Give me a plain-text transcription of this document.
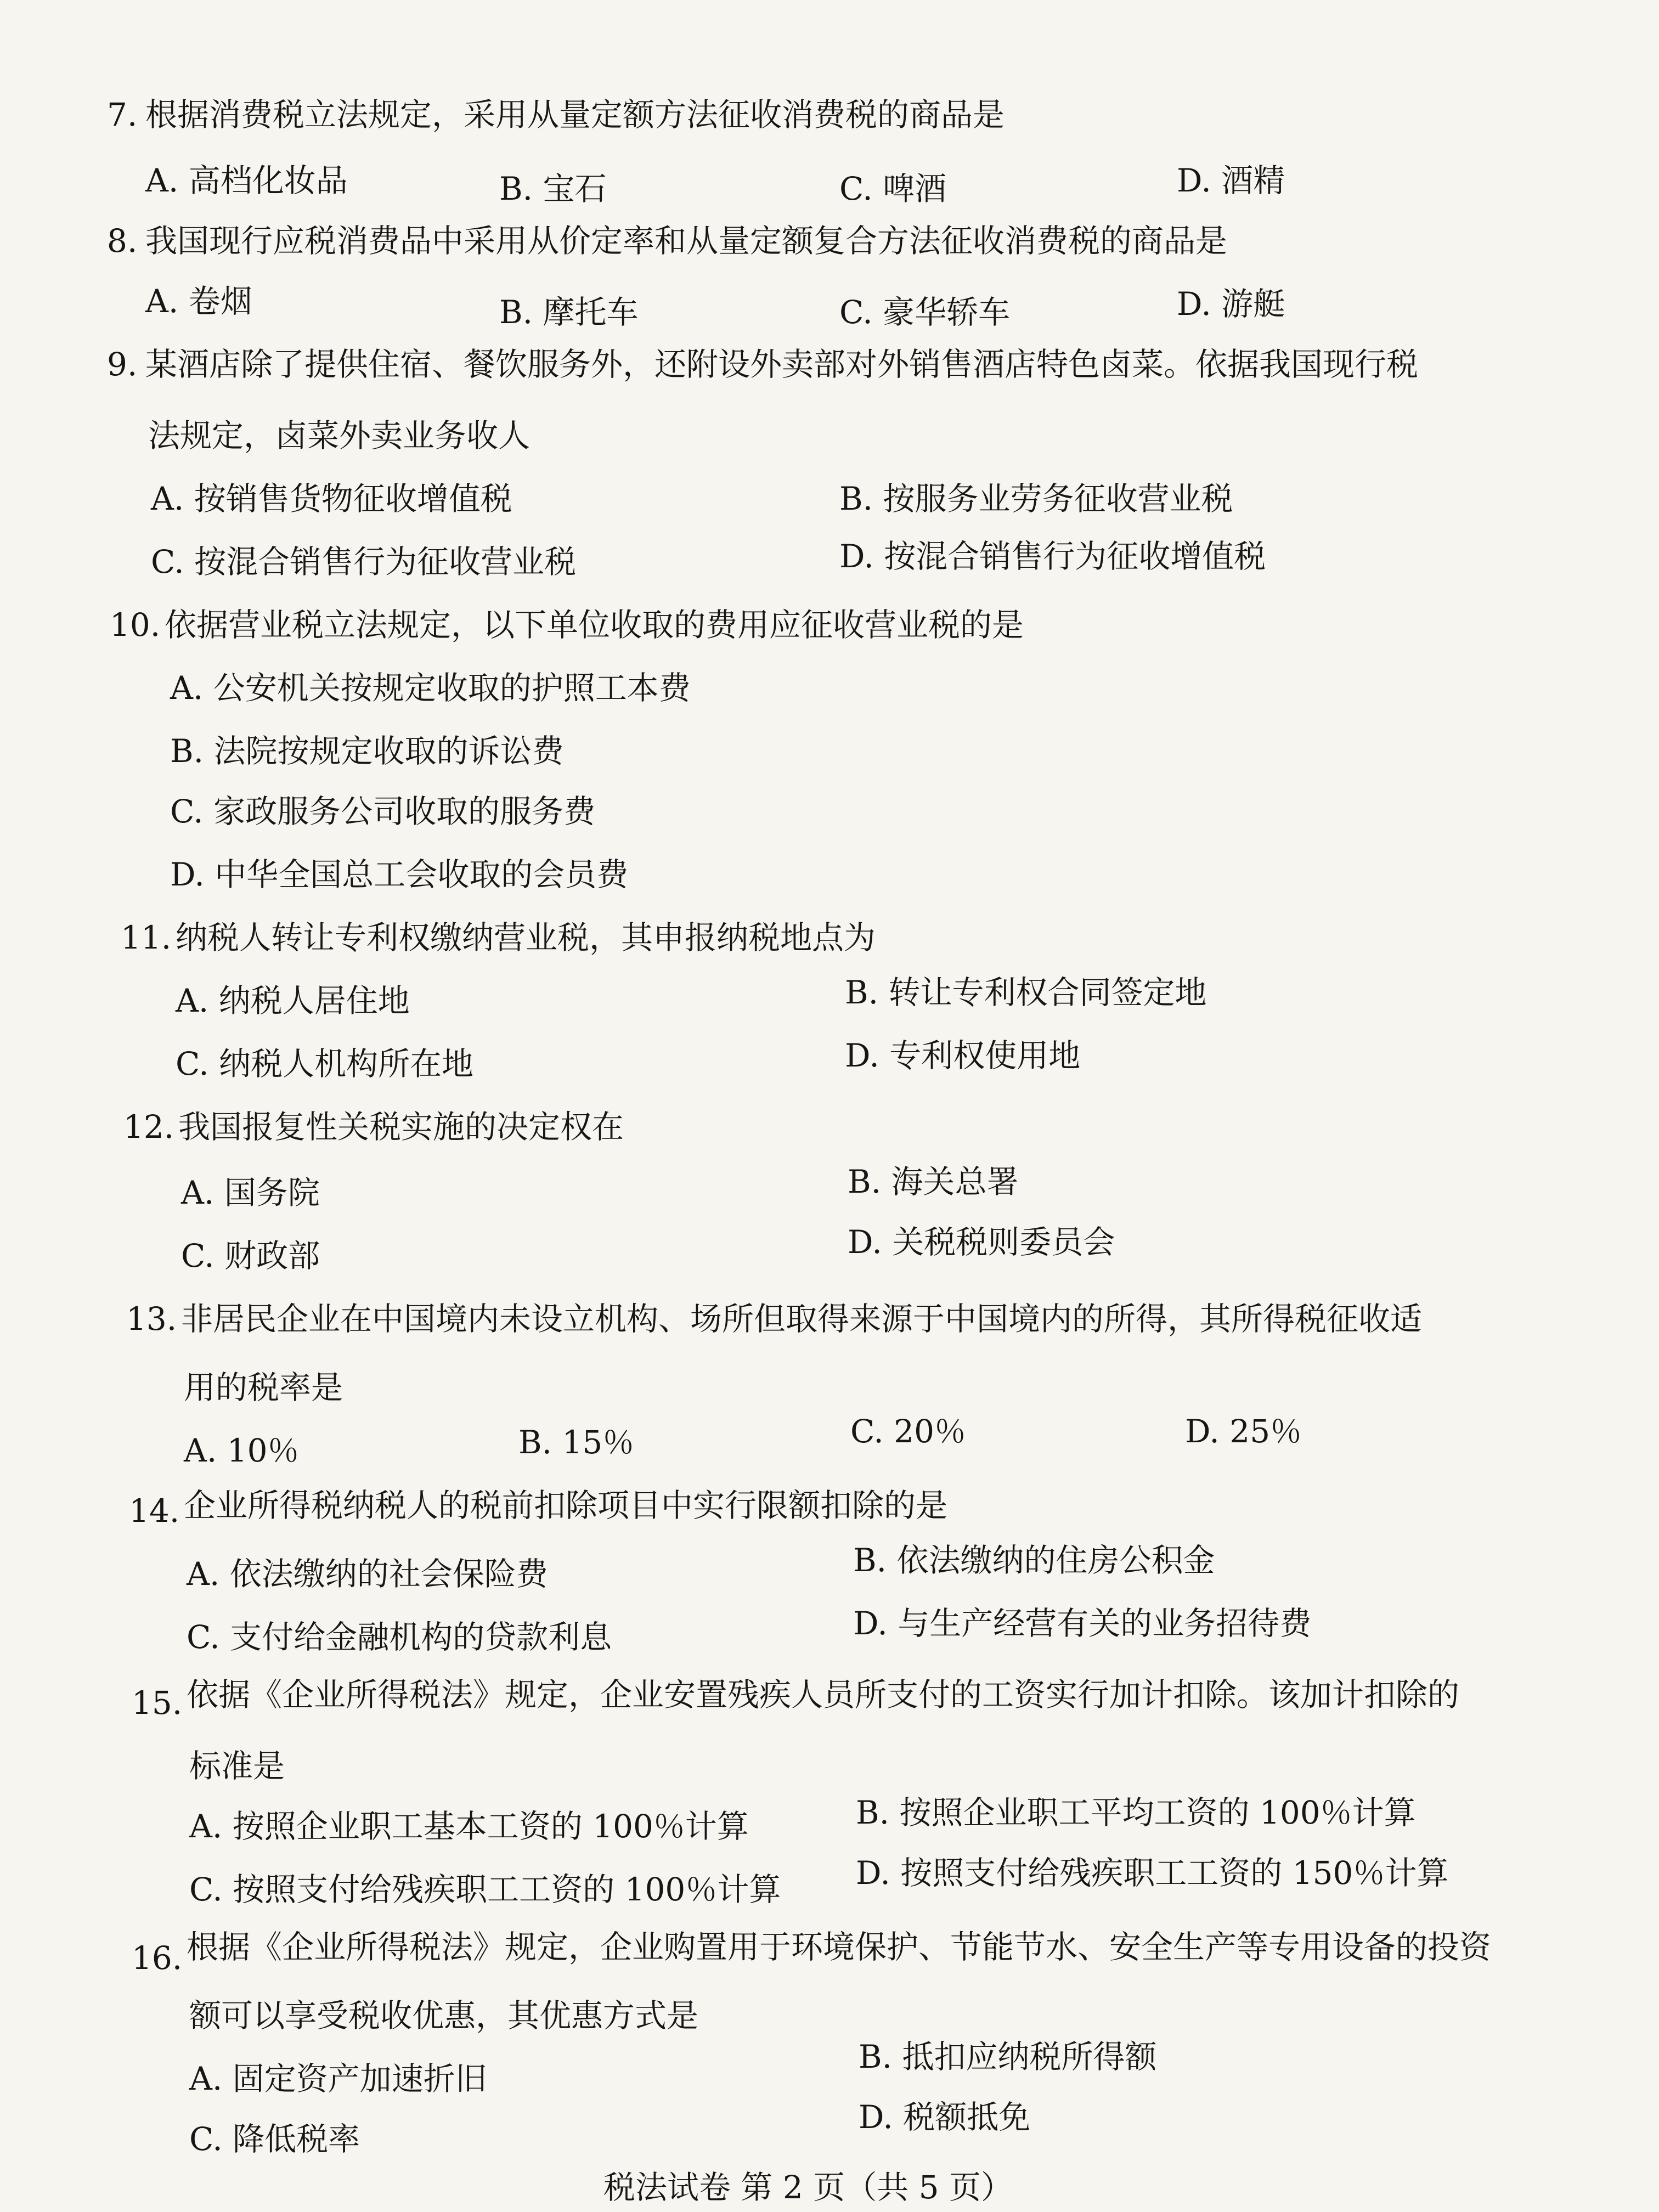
7. 根据消费税立法规定，采用从量定额方法征收消费税的商品是
A. 高档化妆品	B. 宝石	C. 啤酒	D. 酒精
8. 我国现行应税消费品中采用从价定率和从量定额复合方法征收消费税的商品是
A. 卷烟	B. 摩托车	C. 豪华轿车	D. 游艇
9. 某酒店除了提供住宿、餐饮服务外，还附设外卖部对外销售酒店特色卤菜。依据我国现行税
法规定，卤菜外卖业务收人
A. 按销售货物征收增值税	B. 按服务业劳务征收营业税
C. 按混合销售行为征收营业税	D. 按混合销售行为征收增值税
10. 依据营业税立法规定，以下单位收取的费用应征收营业税的是
A. 公安机关按规定收取的护照工本费
B. 法院按规定收取的诉讼费
C. 家政服务公司收取的服务费
D. 中华全国总工会收取的会员费
11. 纳税人转让专利权缴纳营业税，其申报纳税地点为
A. 纳税人居住地	B. 转让专利权合同签定地
C. 纳税人机构所在地	D. 专利权使用地
12. 我国报复性关税实施的决定权在
A. 国务院	B. 海关总署
C. 财政部	D. 关税税则委员会
13. 非居民企业在中国境内未设立机构、场所但取得来源于中国境内的所得，其所得税征收适
用的税率是
A. 10％	B. 15％	C. 20％	D. 25％
14. 企业所得税纳税人的税前扣除项目中实行限额扣除的是
A. 依法缴纳的社会保险费	B. 依法缴纳的住房公积金
C. 支付给金融机构的贷款利息	D. 与生产经营有关的业务招待费
15. 依据《企业所得税法》规定，企业安置残疾人员所支付的工资实行加计扣除。该加计扣除的
标准是
A. 按照企业职工基本工资的 100％计算	B. 按照企业职工平均工资的 100％计算
C. 按照支付给残疾职工工资的 100％计算 D. 按照支付给残疾职工工资的 150％计算
16. 根据《企业所得税法》规定，企业购置用于环境保护、节能节水、安全生产等专用设备的投资
额可以享受税收优惠，其优惠方式是
A. 固定资产加速折旧
B. 抵扣应纳税所得额
C. 降低税率
D. 税额抵免
税法试卷 第 2 页（共 5 页）
